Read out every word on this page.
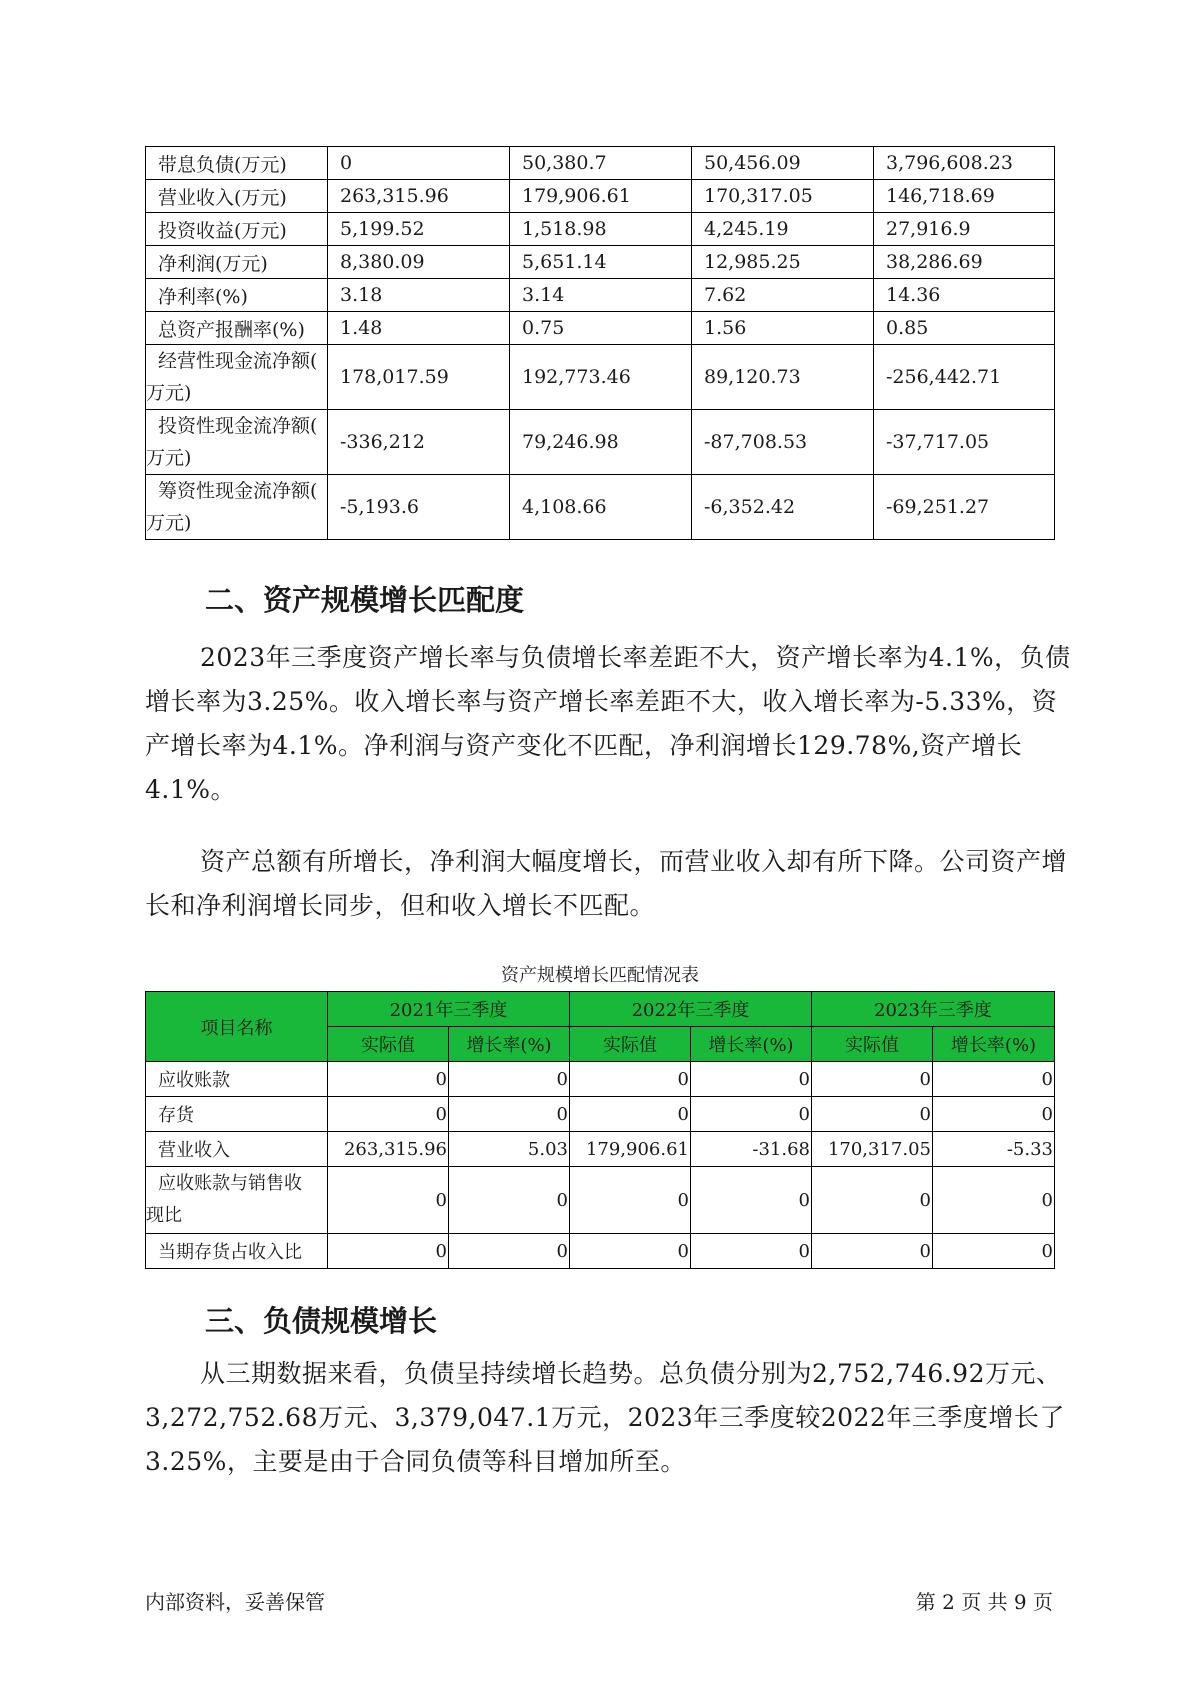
带息负债(万元)	0	50,380.7	50,456.09	3,796,608.23
营业收入(万元)	263,315.96	179,906.61	170,317.05	146,718.69
投资收益(万元)	5,199.52	1,518.98	4,245.19	27,916.9
净利润(万元)	8,380.09	5,651.14	12,985.25	38,286.69
净利率(%)	3.18	3.14	7.62	14.36
总资产报酬率(%)	1.48	0.75	1.56	0.85
经营性现金流净额(
万元)	178,017.59	192,773.46	89,120.73	-256,442.71
投资性现金流净额(
万元)	-336,212	79,246.98	-87,708.53	-37,717.05
筹资性现金流净额(
万元)	-5,193.6	4,108.66	-6,352.42	-69,251.27
二、资产规模增长匹配度

2023年三季度资产增长率与负债增长率差距不大，资产增长率为4.1%，负债增长率为3.25%。收入增长率与资产增长率差距不大，收入增长率为-5.33%，资产增长率为4.1%。净利润与资产变化不匹配，净利润增长129.78%,资产增长4.1%。

资产总额有所增长，净利润大幅度增长，而营业收入却有所下降。公司资产增长和净利润增长同步，但和收入增长不匹配。

资产规模增长匹配情况表
项目名称	2021年三季度		2022年三季度		2023年三季度	
	实际值	增长率(%)	实际值	增长率(%)	实际值	增长率(%)
应收账款	0	0	0	0	0	0
存货	0	0	0	0	0	0
营业收入	263,315.96	5.03	179,906.61	-31.68	170,317.05	-5.33
应收账款与销售收
现比	0	0	0	0	0	0
当期存货占收入比	0	0	0	0	0	0
三、负债规模增长

从三期数据来看，负债呈持续增长趋势。总负债分别为2,752,746.92万元、3,272,752.68万元、3,379,047.1万元，2023年三季度较2022年三季度增长了3.25%，主要是由于合同负债等科目增加所至。

内部资料，妥善保管	第 2 页 共 9 页
